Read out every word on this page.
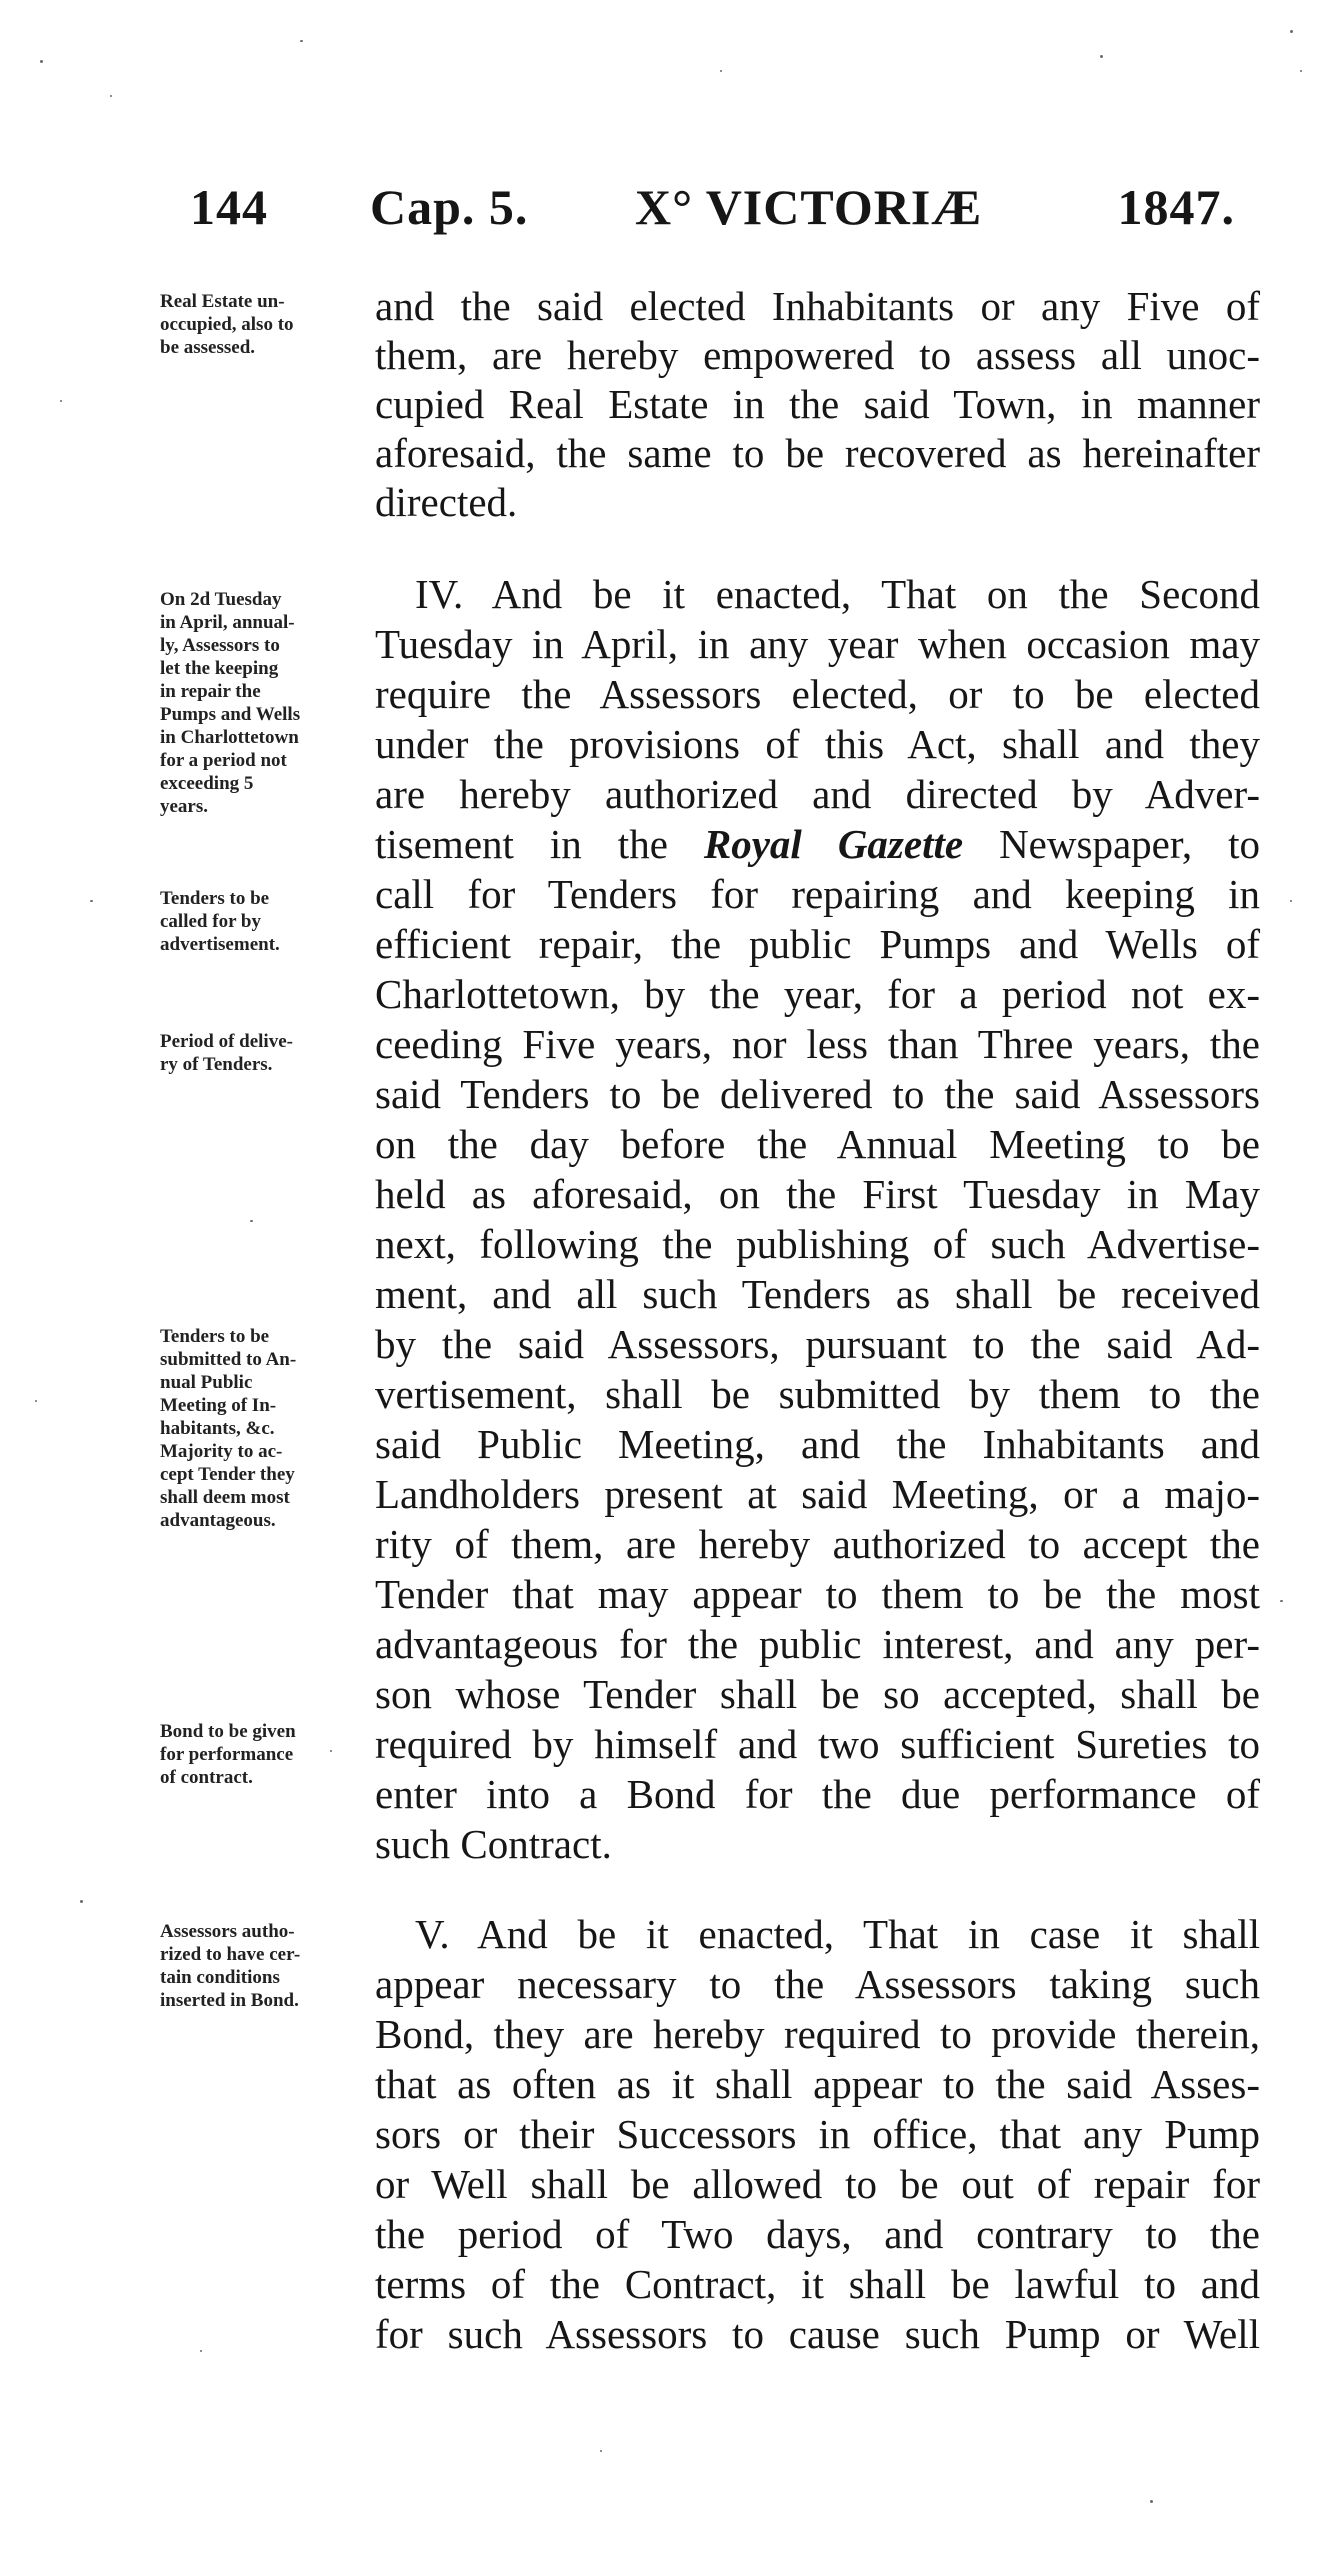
144 Cap. 5. X° VICTORIÆ	1847.
Real Estate un-
occupied, also to
be assessed.
On 2d Tuesday
in April, annual-
ly, Assessors to
let the keeping
in repair the
Pumps and Wells
in Charlottetown
for a period not
exceeding 5
years.
Tenders to be
called for by
advertisement.
Period of delive-
ry of Tenders.
Tenders to be
submitted to An-
nual Public
Meeting of In-
habitants, &c.
Majority to ac-
cept Tender they
shall deem most
advantageous.
Bond to be given
for performance
of contract.
Assessors autho-
rized to have cer-
tain conditions
inserted in Bond.
and the said elected Inhabitants or any Five of
them, are hereby empowered to assess all unoc-
cupied Real Estate in the said Town, in manner
aforesaid, the same to be recovered as hereinafter
directed.
IV. And be it enacted, That on the Second
Tuesday in April, in any year when occasion may
require the Assessors elected, or to be elected
under the provisions of this Act, shall and they
are hereby authorized and directed by Adver-
tisement in the Royal Gazette Newspaper, to
call for Tenders for repairing and keeping in
efficient repair, the public Pumps and Wells of
Charlottetown, by the year, for a period not ex-
ceeding Five years, nor less than Three years, the
said Tenders to be delivered to the said Assessors
on the day before the Annual Meeting to be
held as aforesaid, on the First Tuesday in May
next, following the publishing of such Advertise-
ment, and all such Tenders as shall be received
by the said Assessors, pursuant to the said Ad-
vertisement, shall be submitted by them to the
said Public Meeting, and the Inhabitants and
Landholders present at said Meeting, or a majo-
rity of them, are hereby authorized to accept the
Tender that may appear to them to be the most
advantageous for the public interest, and any per-
son whose Tender shall be so accepted, shall be
required by himself and two sufficient Sureties to
enter into a Bond for the due performance of
such Contract.
V. And be it enacted, That in case it shall
appear necessary to the Assessors taking such
Bond, they are hereby required to provide therein,
that as often as it shall appear to the said Asses-
sors or their Successors in office, that any Pump
or Well shall be allowed to be out of repair for
the period of Two days, and contrary to the
terms of the Contract, it shall be lawful to and
for such Assessors to cause such Pump or Well
